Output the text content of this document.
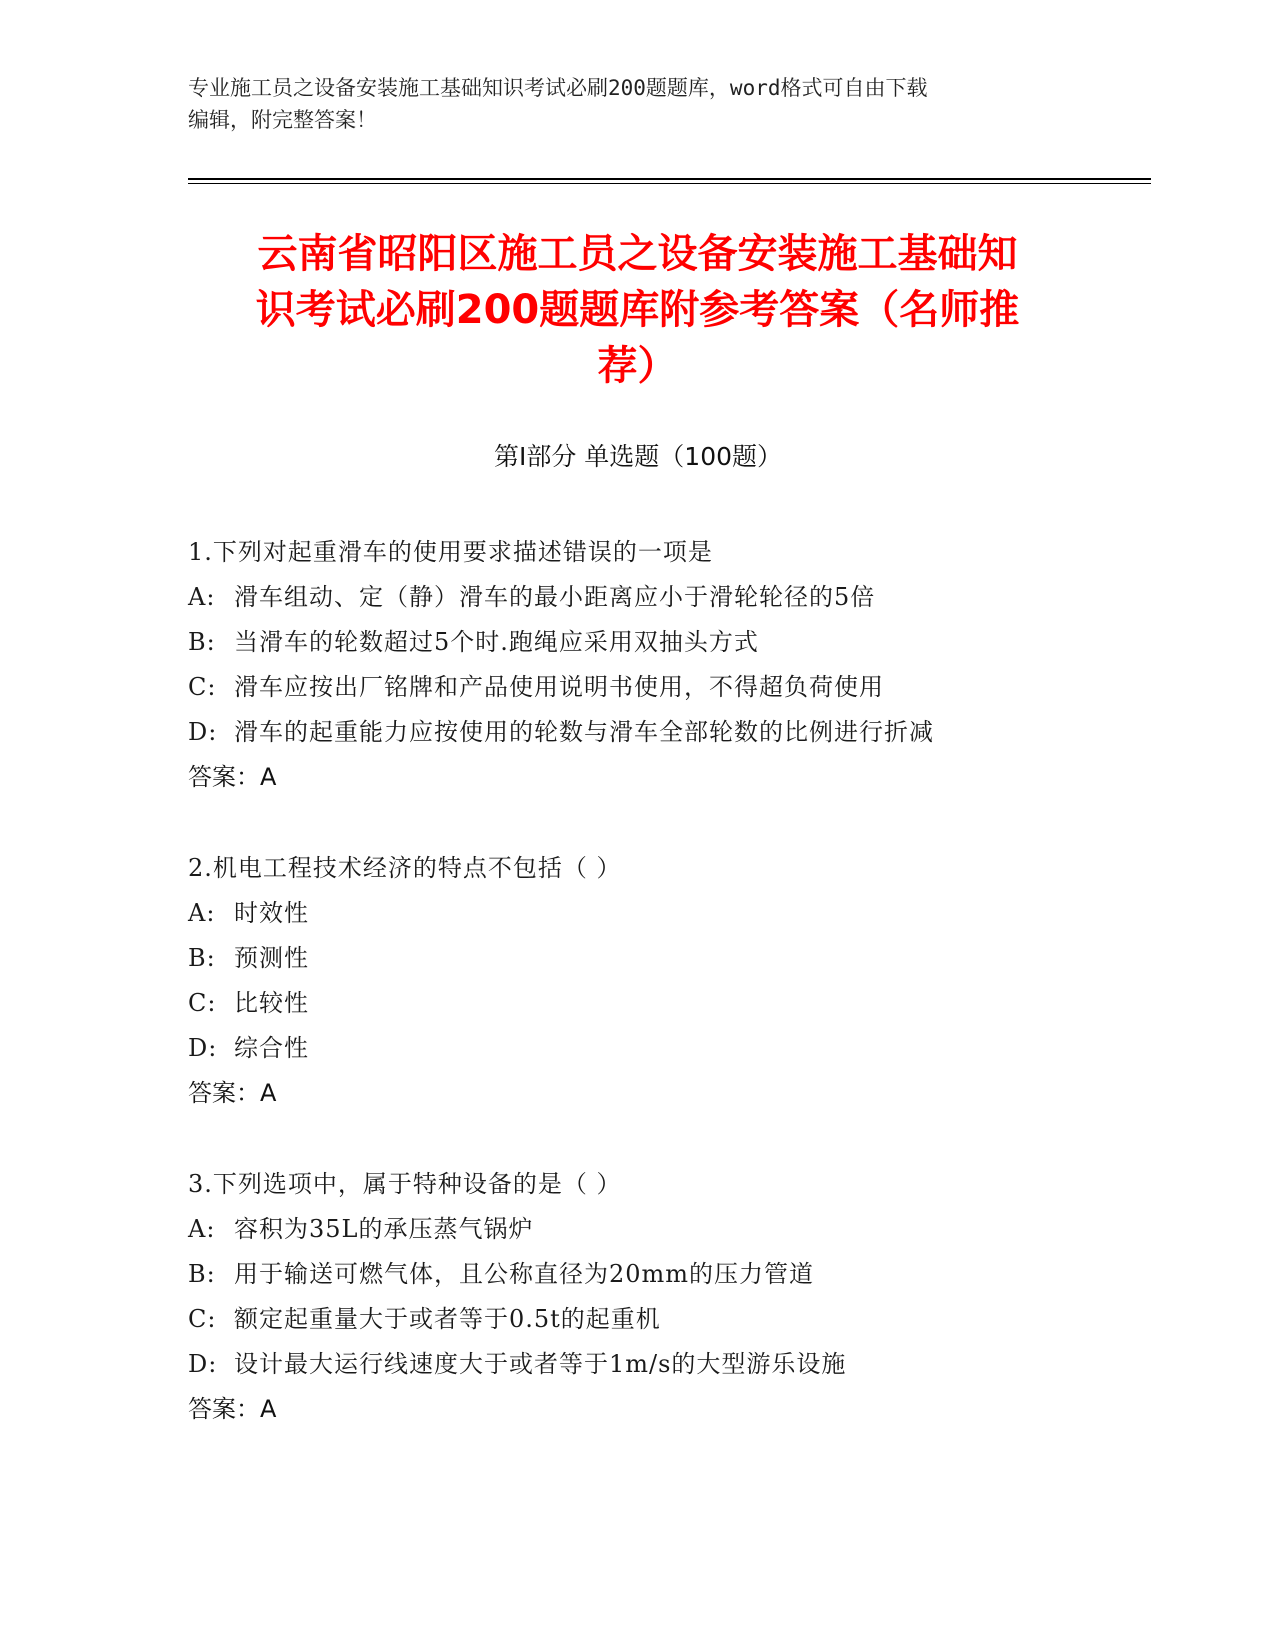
专业施工员之设备安装施工基础知识考试必刷200题题库，word格式可自由下载
编辑，附完整答案！
云南省昭阳区施工员之设备安装施工基础知
识考试必刷200题题库附参考答案（名师推
荐）
第Ⅰ部分 单选题（100题）
1.下列对起重滑车的使用要求描述错误的一项是
A: 滑车组动、定（静）滑车的最小距离应小于滑轮轮径的5倍
B: 当滑车的轮数超过5个时.跑绳应采用双抽头方式
C: 滑车应按出厂铭牌和产品使用说明书使用，不得超负荷使用
D: 滑车的起重能力应按使用的轮数与滑车全部轮数的比例进行折减
答案：A
2.机电工程技术经济的特点不包括（ ）
A: 时效性
B: 预测性
C: 比较性
D: 综合性
答案：A
3.下列选项中，属于特种设备的是（ ）
A: 容积为35L的承压蒸气锅炉
B: 用于输送可燃气体，且公称直径为20mm的压力管道
C: 额定起重量大于或者等于0.5t的起重机
D: 设计最大运行线速度大于或者等于1m/s的大型游乐设施
答案：A
